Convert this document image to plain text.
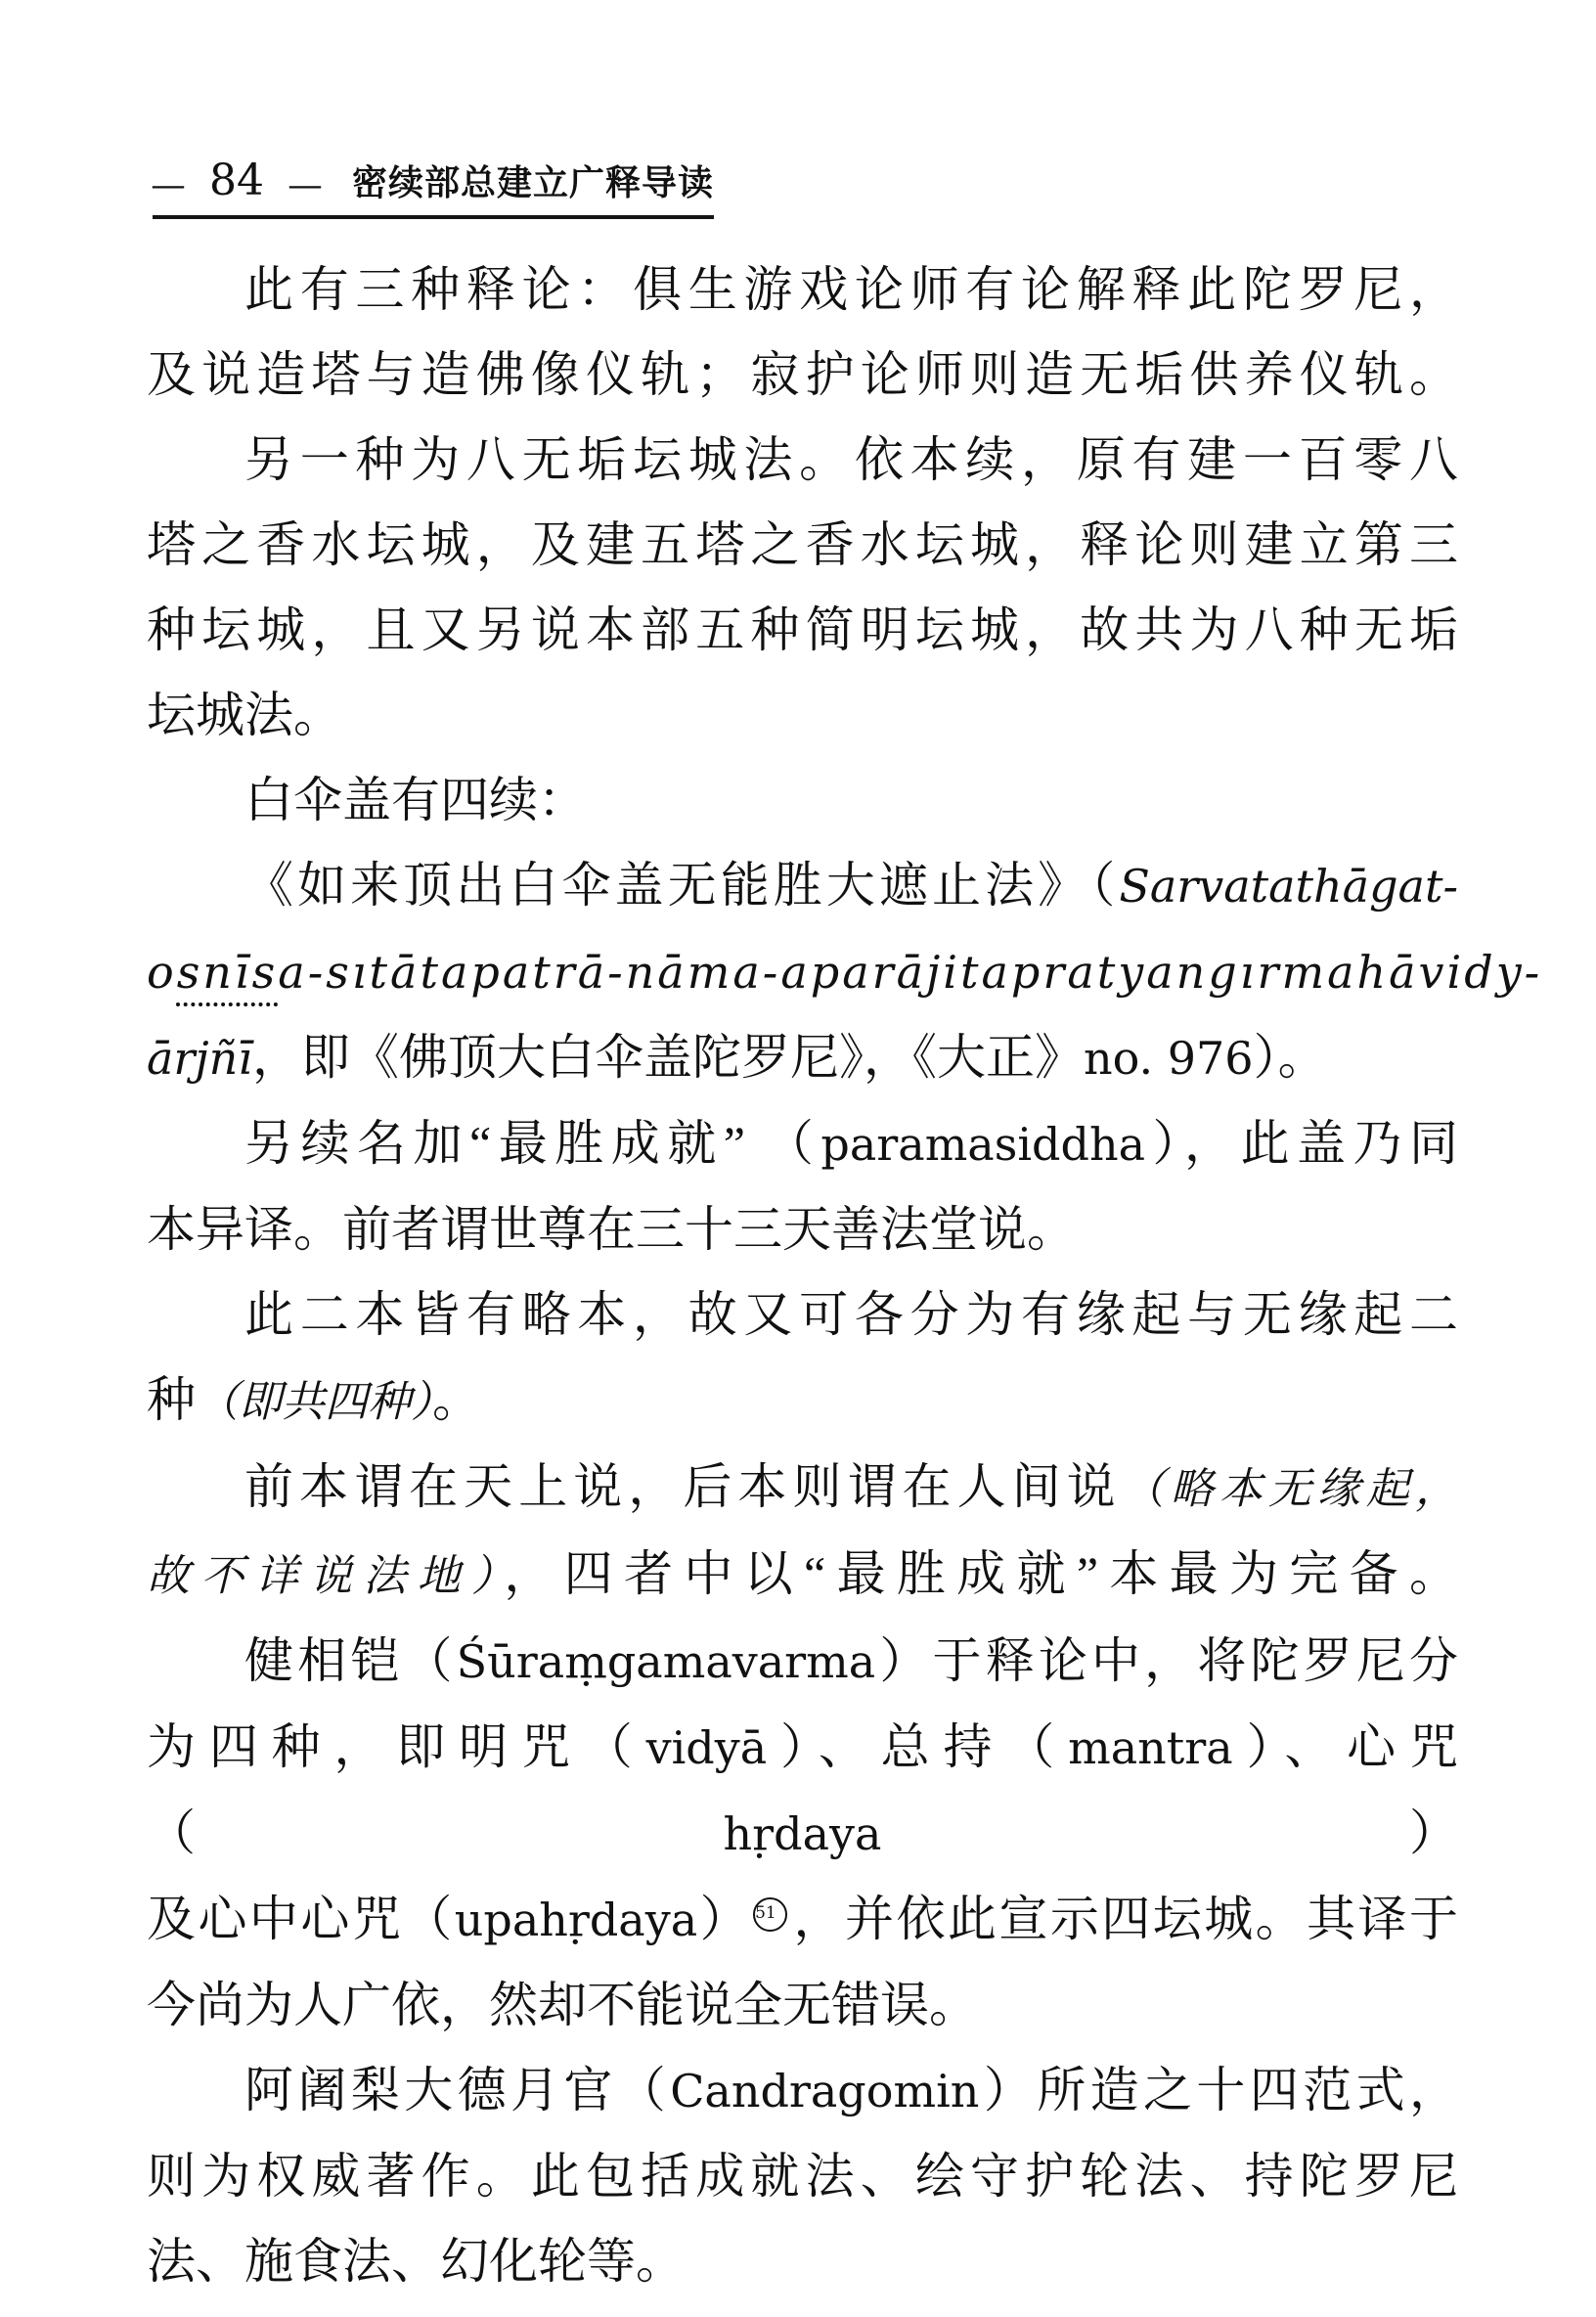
— 84 — 密续部总建立广释导读
此有三种释论：俱生游戏论师有论解释此陀罗尼，
及说造塔与造佛像仪轨；寂护论师则造无垢供养仪轨。
另一种为八无垢坛城法。依本续，原有建一百零八
塔之香水坛城，及建五塔之香水坛城，释论则建立第三
种坛城，且又另说本部五种简明坛城，故共为八种无垢
坛城法。
白伞盖有四续：
《如来顶出白伞盖无能胜大遮止法》（Sarvatathāgat-
osnīsa-sıtātapatrā-nāma-aparājitapratyangırmahāvidy-
ārjñī，即《佛顶大白伞盖陀罗尼》，《大正》no. 976）。
另续名加“最胜成就” （paramasiddha），此盖乃同
本异译。前者谓世尊在三十三天善法堂说。
此二本皆有略本，故又可各分为有缘起与无缘起二
种（即共四种）。
前本谓在天上说，后本则谓在人间说（略本无缘起，
故不详说法地），四者中以“最胜成就”本最为完备。
健相铠（Śūraṃgamavarma）于释论中，将陀罗尼分
为四种，即明咒（vidyā）、总持（mantra）、心咒（hṛdaya）
及心中心咒（upahṛdaya） 51 ，并依此宣示四坛城。其译于
今尚为人广依，然却不能说全无错误。
阿阇梨大德月官（Candragomin）所造之十四范式，
则为权威著作。此包括成就法、绘守护轮法、持陀罗尼
法、施食法、幻化轮等。
